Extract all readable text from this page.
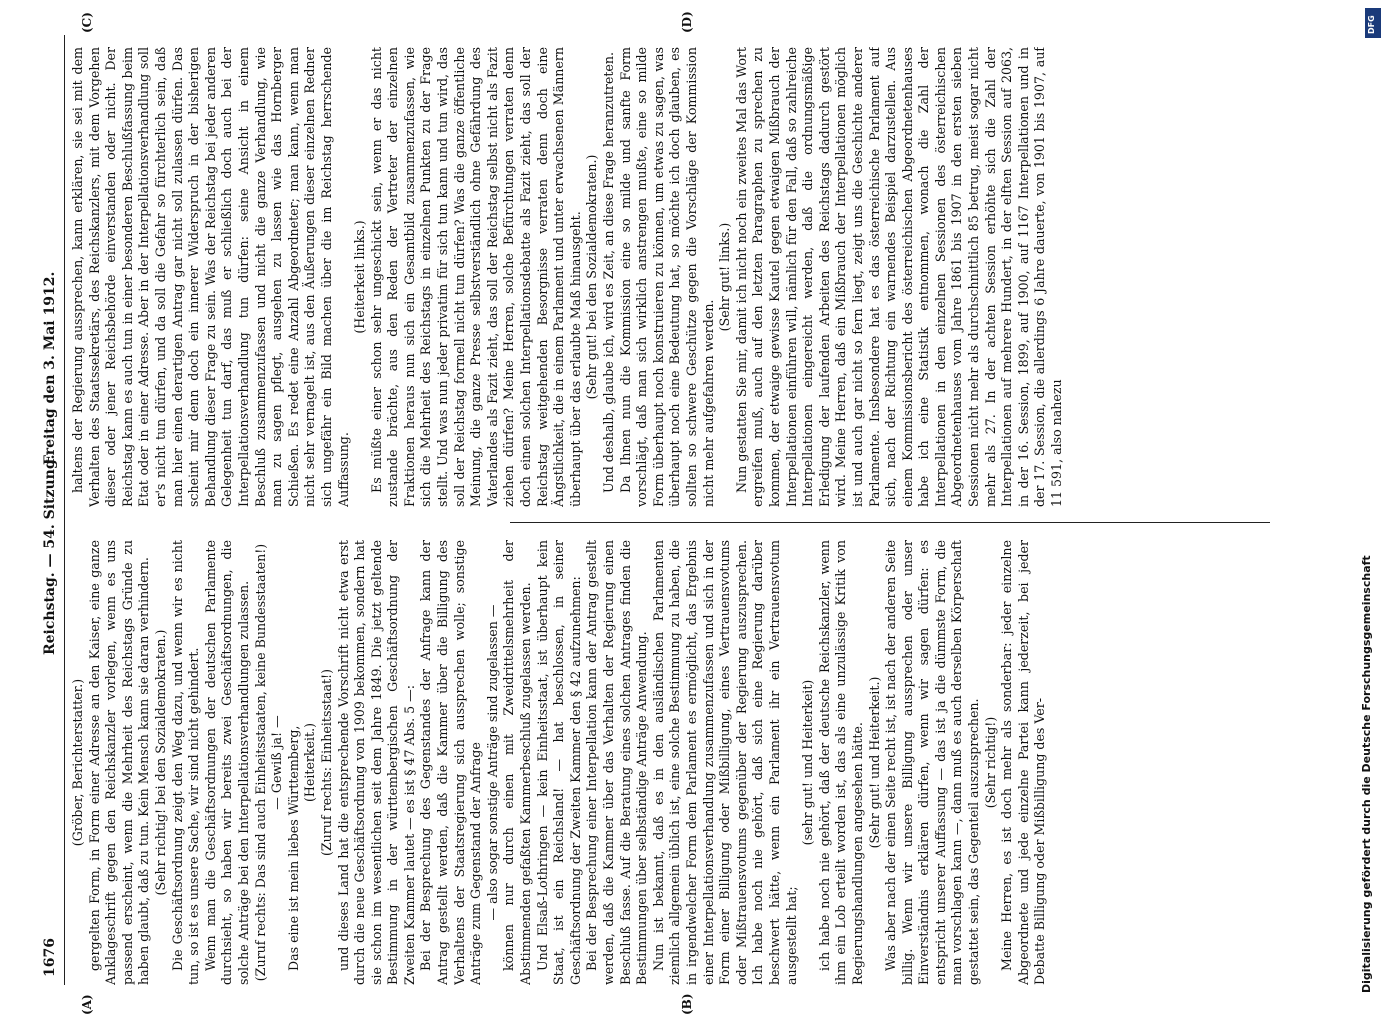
1676
Reichstag. — 54. Sitzung.
Freitag den 3. Mai 1912.

(Gröber, Berichterstatter.) gergelten Form, in Form einer Adresse an den Kaiser, eine ganze Anklageschrift gegen den Reichskanzler vorlegen, wenn es uns passend erscheint, wenn die Mehrheit des Reichstags Gründe zu haben glaubt, daß zu tun. Kein Mensch kann sie daran verhindern. (Sehr richtig! bei den Sozialdemokraten.) Die Geschäftsordnung zeigt den Weg dazu, und wenn wir es nicht tun, so ist es unsere Sache, wir sind nicht gehindert. Wenn man die Geschäftsordnungen der deutschen Parlamente durchsieht, so haben wir bereits zwei Geschäftsordnungen, die solche Anträge bei den Interpellationsverhandlungen zulassen. (Zuruf rechts: Das sind auch Einheitsstaaten, keine Bundesstaaten!) — Gewiß ja! — Das eine ist mein liebes Württemberg, (Heiterkeit.) (Zuruf rechts: Einheitsstaat!) und dieses Land hat die entsprechende Vorschrift nicht etwa erst durch die neue Geschäftsordnung von 1909 bekommen, sondern hat sie schon im wesentlichen seit dem Jahre 1849. Die jetzt geltende Bestimmung in der württembergischen Geschäftsordnung der Zweiten Kammer lautet — es ist § 47 Abs. 5 —: Bei der Besprechung des Gegenstandes der Anfrage kann der Antrag gestellt werden, daß die Kammer über die Billigung des Verhaltens der Staatsregierung sich aussprechen wolle; sonstige Anträge zum Gegenstand der Anfrage — also sogar sonstige Anträge sind zugelassen — können nur durch einen mit Zweidrittelsmehrheit der Abstimmenden gefaßten Kammerbeschluß zugelassen werden. Und Elsaß-Lothringen — kein Einheitsstaat, ist überhaupt kein Staat, ist ein Reichsland! — hat beschlossen, in seiner Geschäftsordnung der Zweiten Kammer den § 42 aufzunehmen: Bei der Besprechung einer Interpellation kann der Antrag gestellt werden, daß die Kammer über das Verhalten der Regierung einen Beschluß fasse. Auf die Beratung eines solchen Antrages finden die Bestimmungen über selbständige Anträge Anwendung. Nun ist bekannt, daß es in den ausländischen Parlamenten ziemlich allgemein üblich ist, eine solche Bestimmung zu haben, die in irgendwelcher Form dem Parlament es ermöglicht, das Ergebnis einer Interpellationsverhandlung zusammenzufassen und sich in der Form einer Billigung oder Mißbilligung, eines Vertrauensvotums oder Mißtrauensvotums gegenüber der Regierung auszusprechen. Ich habe noch nie gehört, daß sich eine Regierung darüber beschwert hätte, wenn ein Parlament ihr ein Vertrauensvotum ausgestellt hat;

(sehr gut! und Heiterkeit) ich habe noch nie gehört, daß der deutsche Reichskanzler, wenn ihm ein Lob erteilt worden ist, das als eine unzulässige Kritik von Regierungshandlungen angesehen hätte. (Sehr gut! und Heiterkeit.) Was aber nach der einen Seite recht ist, ist nach der anderen Seite billig. Wenn wir unsere Billigung aussprechen oder unser Einverständnis erklären dürfen, wenn wir sagen dürfen: es entspricht unserer Auffassung — das ist ja die dümmste Form, die man vorschlagen kann —, dann muß es auch derselben Körperschaft gestattet sein, das Gegenteil auszusprechen. (Sehr richtig!) Meine Herren, es ist doch mehr als sonderbar: jeder einzelne Abgeordnete und jede einzelne Partei kann jederzeit, bei jeder Debatte Billigung oder Mißbilligung des Ver-

haltens der Regierung aussprechen, kann erklären, sie sei mit dem Verhalten des Staatssekretärs, des Reichskanzlers, mit dem Vorgehen dieser oder jener Reichsbehörde einverstanden oder nicht. Der Reichstag kann es auch tun in einer besonderen Beschlußfassung beim Etat oder in einer Adresse. Aber in der Interpellationsverhandlung soll er's nicht tun dürfen, und da soll die Gefahr so fürchterlich sein, daß man hier einen derartigen Antrag gar nicht soll zulassen dürfen. Das scheint mir denn doch ein innerer Widerspruch in der bisherigen Behandlung dieser Frage zu sein. Was der Reichstag bei jeder anderen Gelegenheit tun darf, das muß er schließlich doch auch bei der Interpellationsverhandlung tun dürfen: seine Ansicht in einem Beschluß zusammenzufassen und nicht die ganze Verhandlung, wie man zu sagen pflegt, ausgehen zu lassen wie das Hornberger Schießen. Es redet eine Anzahl Abgeordneter; man kann, wenn man nicht sehr vernagelt ist, aus den Äußerungen dieser einzelnen Redner sich ungefähr ein Bild machen über die im Reichstag herrschende Auffassung.

(Heiterkeit links.) Es müßte einer schon sehr ungeschickt sein, wenn er das nicht zustande brächte, aus den Reden der Vertreter der einzelnen Fraktionen heraus nun sich ein Gesamtbild zusammenzufassen, wie sich die Mehrheit des Reichstags in einzelnen Punkten zu der Frage stellt. Und was nun jeder privatim für sich tun kann und tun wird, das soll der Reichstag formell nicht tun dürfen? Was die ganze öffentliche Meinung, die ganze Presse selbstverständlich ohne Gefährdung des Vaterlandes als Fazit zieht, das soll der Reichstag selbst nicht als Fazit ziehen dürfen? Meine Herren, solche Befürchtungen verraten denn doch einen solchen Interpellationsdebatte als Fazit zieht, das soll der Reichstag weitgehenden Besorgnisse verraten denn doch eine Ängstlichkeit, die in einem Parlament und unter erwachsenen Männern überhaupt über das erlaubte Maß hinausgeht. (Sehr gut! bei den Sozialdemokraten.) Und deshalb, glaube ich, wird es Zeit, an diese Frage heranzutreten. Da Ihnen nun die Kommission eine so milde und sanfte Form vorschlägt, daß man sich wirklich anstrengen mußte, eine so milde Form überhaupt noch konstruieren zu können, um etwas zu sagen, was überhaupt noch eine Bedeutung hat, so möchte ich doch glauben, es sollten so schwere Geschütze gegen die Vorschläge der Kommission nicht mehr aufgefahren werden.

(Sehr gut! links.) Nun gestatten Sie mir, damit ich nicht noch ein zweites Mal das Wort ergreifen muß, auch auf den letzten Paragraphen zu sprechen zu kommen, der etwaige gewisse Kautel gegen etwaigen Mißbrauch der Interpellationen einführen will, nämlich für den Fall, daß so zahlreiche Interpellationen eingereicht werden, daß die ordnungsmäßige Erledigung der laufenden Arbeiten des Reichstags dadurch gestört wird. Meine Herren, daß ein Mißbrauch der Interpellationen möglich ist und auch gar nicht so fern liegt, zeigt uns die Geschichte anderer Parlamente. Insbesondere hat es das österreichische Parlament auf sich, nach der Richtung ein warnendes Beispiel darzustellen. Aus einem Kommissionsbericht des österreichischen Abgeordnetenhauses habe ich eine Statistik entnommen, wonach die Zahl der Interpellationen in den einzelnen Sessionen des österreichischen Abgeordnetenhauses vom Jahre 1861 bis 1907 in den ersten sieben Sessionen nicht mehr als durchschnittlich 85 betrug, meist sogar nicht mehr als 27. In der achten Session erhöhte sich die Zahl der Interpellationen auf mehrere Hundert, in der elften Session auf 2063, in der 16. Session, 1899, auf 1900, auf 1167 Interpellationen und in der 17. Session, die allerdings 6 Jahre dauerte, von 1901 bis 1907, auf 11 591, also nahezu

(A)	(B)
(C)	(D)	DFG
Digitalisierung gefördert durch die Deutsche Forschungsgemeinschaft
